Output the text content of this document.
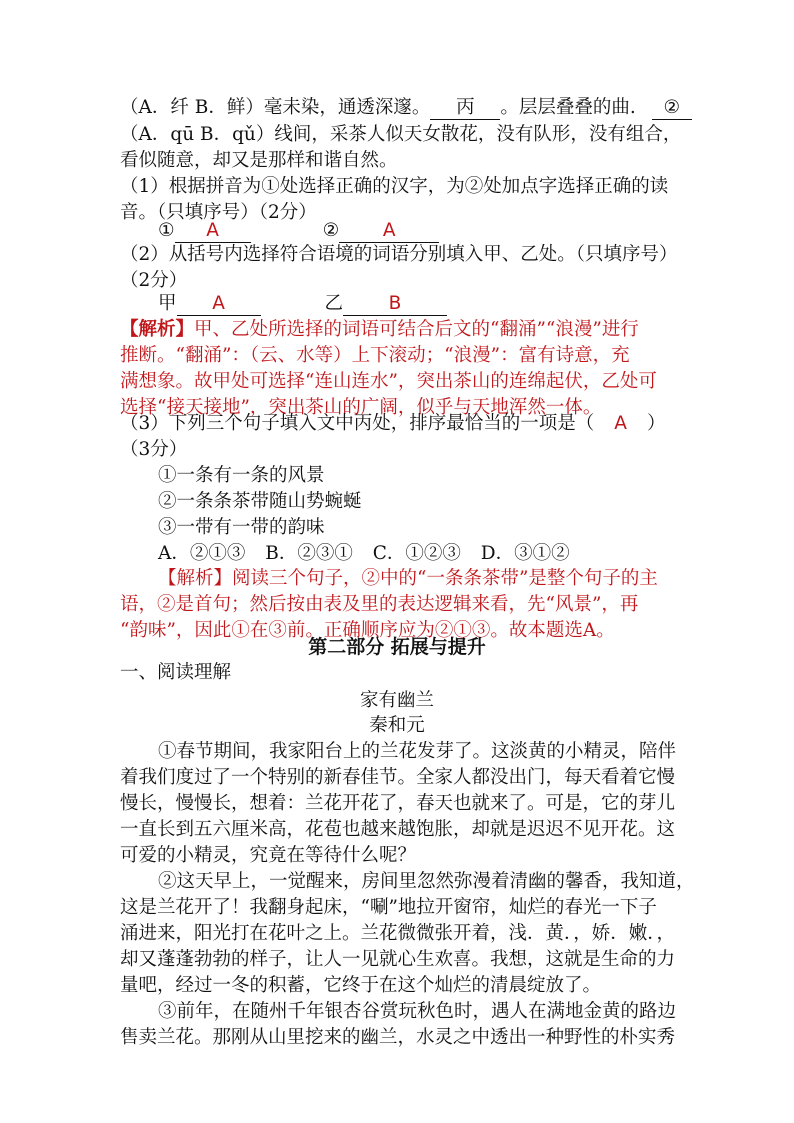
（A．纤 B．鲜）毫未染，通透深邃。 丙 。层层叠叠的曲. ②
（A．qū B．qǔ）线间，采茶人似天女散花，没有队形，没有组合，
看似随意，却又是那样和谐自然。
（1）根据拼音为①处选择正确的汉字，为②处加点字选择正确的读
音。（只填序号）（2分）
① A	② A
（2）从括号内选择符合语境的词语分别填入甲、乙处。（只填序号）
（2分）
甲 A	乙 B
【解析】甲、乙处所选择的词语可结合后文的“翻涌”“浪漫”进行
推断。“翻涌”：（云、水等）上下滚动；“浪漫”：富有诗意，充
满想象。故甲处可选择“连山连水”，突出茶山的连绵起伏，乙处可
选择“接天接地”，突出茶山的广阔，似乎与天地浑然一体。
（3）下列三个句子填入文中丙处，排序最恰当的一项是（ A ）
（3分）
①一条有一条的风景
②一条条茶带随山势蜿蜒
③一带有一带的韵味
A．②①③ B．②③① C．①②③ D．③①②
【解析】阅读三个句子，②中的“一条条茶带”是整个句子的主
语，②是首句；然后按由表及里的表达逻辑来看，先“风景”，再
“韵味”，因此①在③前。正确顺序应为②①③。故本题选A。
第二部分 拓展与提升
一、阅读理解
家有幽兰
秦和元
①春节期间，我家阳台上的兰花发芽了。这淡黄的小精灵，陪伴
着我们度过了一个特别的新春佳节。全家人都没出门，每天看着它慢
慢长，慢慢长，想着：兰花开花了，春天也就来了。可是，它的芽儿
一直长到五六厘米高，花苞也越来越饱胀，却就是迟迟不见开花。这
可爱的小精灵，究竟在等待什么呢？
②这天早上，一觉醒来，房间里忽然弥漫着清幽的馨香，我知道，
这是兰花开了！我翻身起床，“唰”地拉开窗帘，灿烂的春光一下子
涌进来，阳光打在花叶之上。兰花微微张开着，浅．黄．，娇．嫩．，
却又蓬蓬勃勃的样子，让人一见就心生欢喜。我想，这就是生命的力
量吧，经过一冬的积蓄，它终于在这个灿烂的清晨绽放了。
③前年，在随州千年银杏谷赏玩秋色时，遇人在满地金黄的路边
售卖兰花。那刚从山里挖来的幽兰，水灵之中透出一种野性的朴实秀
